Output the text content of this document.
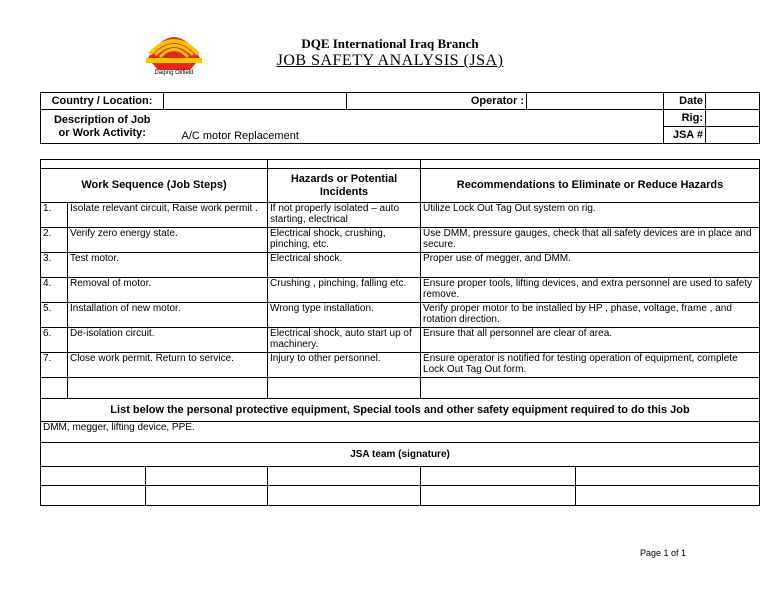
Daqing Oilfield
DQE International Iraq Branch
JOB SAFETY ANALYSIS (JSA)
Country / Location:		Operator :		Date	

Description of Job
or Work Activity:	A/C motor Replacement			Rig:	
				JSA #	

Work Sequence (Job Steps)			Hazards or Potential Incidents	Recommendations to Eliminate or Reduce Hazards	
1.	Isolate relevant circuit, Raise work permit .		If not properly isolated – auto starting, electrical	Utilize Lock Out Tag Out system on rig.	
2.	Verify zero energy state.		Electrical shock, crushing, pinching, etc.	Use DMM, pressure gauges, check that all safety devices are in place and secure.	
3.	Test motor.		Electrical shock.	Proper use of megger, and DMM.	
4.	Removal of motor.		Crushing , pinching, falling etc.	Ensure proper tools, lifting devices, and extra personnel are used to safety remove.	
5.	Installation of new motor.		Wrong type installation.	Verify proper motor to be installed by HP , phase, voltage, frame , and rotation direction.	
6.	De-isolation circuit.		Electrical shock, auto start up of machinery.	Ensure that all personnel are clear of area.	
7.	Close work permit. Return to service.		Injury to other personnel.	Ensure operator is notified for testing operation of equipment, complete Lock Out Tag Out form.	

List below the personal protective equipment, Special tools and other safety equipment required to do this Job					
DMM, megger, lifting device, PPE.					
JSA team (signature)					

Page 1 of 1
